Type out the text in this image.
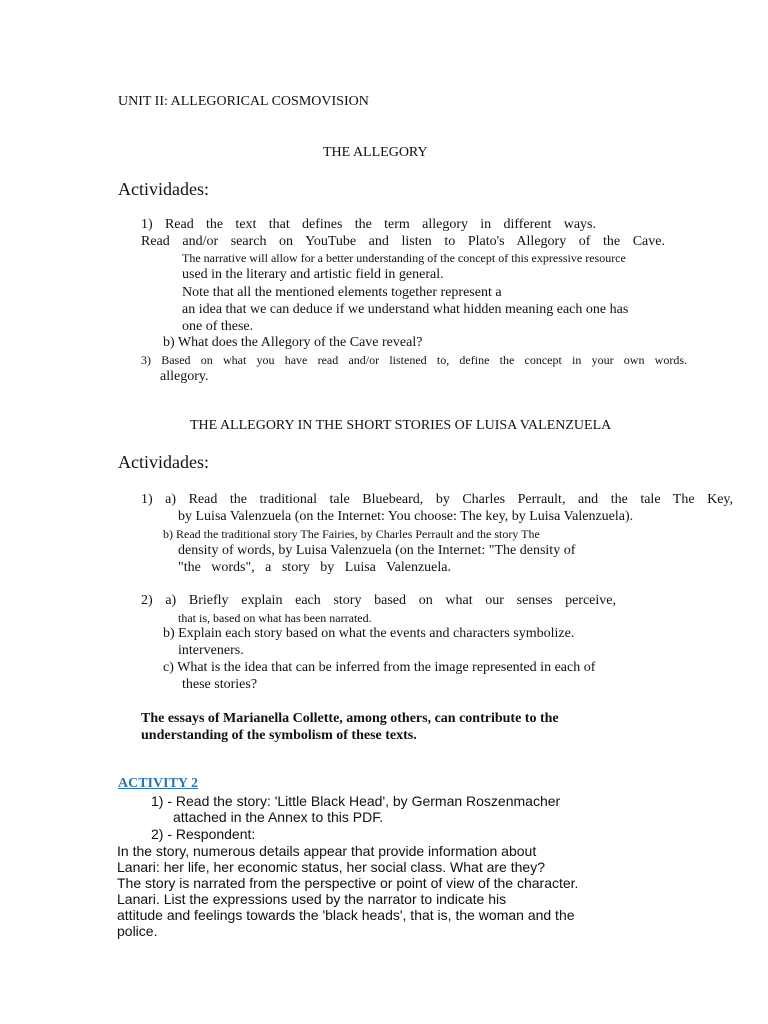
UNIT II: ALLEGORICAL COSMOVISION
THE ALLEGORY
Actividades:
1) Read the text that defines the term allegory in different ways.
Read and/or search on YouTube and listen to Plato's Allegory of the Cave.
The narrative will allow for a better understanding of the concept of this expressive resource
used in the literary and artistic field in general.
Note that all the mentioned elements together represent a
an idea that we can deduce if we understand what hidden meaning each one has
one of these.
b) What does the Allegory of the Cave reveal?
3) Based on what you have read and/or listened to, define the concept in your own words.
allegory.
THE ALLEGORY IN THE SHORT STORIES OF LUISA VALENZUELA
Actividades:
1) a) Read the traditional tale Bluebeard, by Charles Perrault, and the tale The Key,
by Luisa Valenzuela (on the Internet: You choose: The key, by Luisa Valenzuela).
b) Read the traditional story The Fairies, by Charles Perrault and the story The
density of words, by Luisa Valenzuela (on the Internet: "The density of
"the words", a story by Luisa Valenzuela.
2) a) Briefly explain each story based on what our senses perceive,
that is, based on what has been narrated.
b) Explain each story based on what the events and characters symbolize.
interveners.
c) What is the idea that can be inferred from the image represented in each of
these stories?
The essays of Marianella Collette, among others, can contribute to the
understanding of the symbolism of these texts.
ACTIVITY 2
1) - Read the story: 'Little Black Head', by German Roszenmacher
attached in the Annex to this PDF.
2) - Respondent:
In the story, numerous details appear that provide information about
Lanari: her life, her economic status, her social class. What are they?
The story is narrated from the perspective or point of view of the character.
Lanari. List the expressions used by the narrator to indicate his
attitude and feelings towards the 'black heads', that is, the woman and the
police.
